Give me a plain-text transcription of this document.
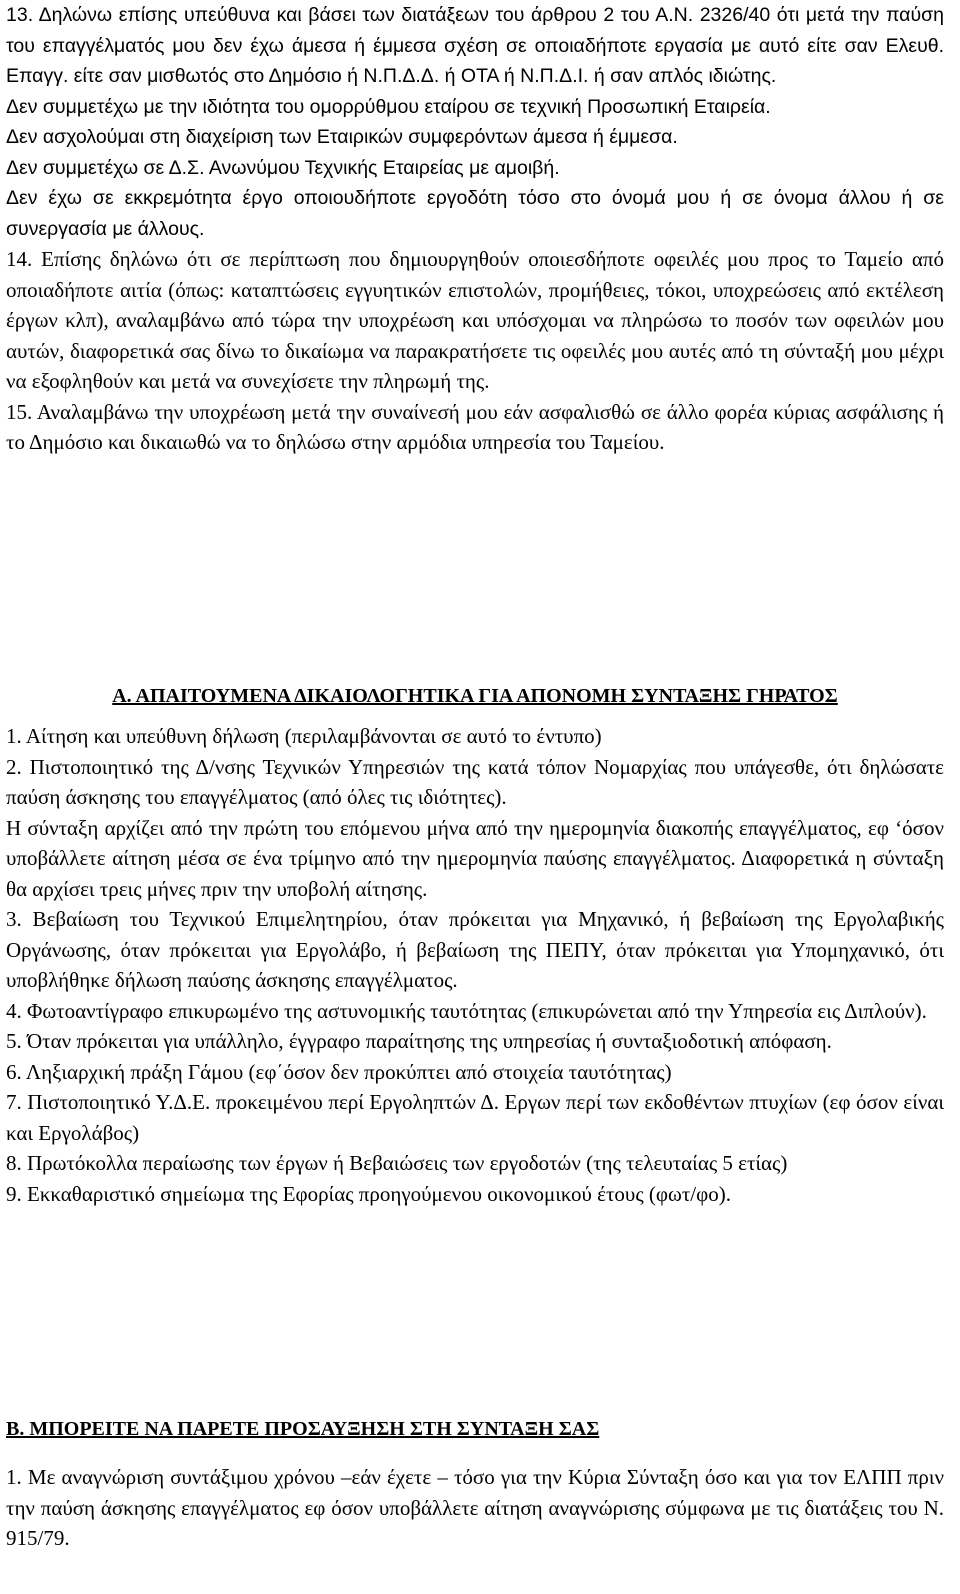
13. Δηλώνω επίσης υπεύθυνα και βάσει των διατάξεων του άρθρου 2 του Α.Ν. 2326/40 ότι μετά την παύση του επαγγέλματός μου δεν έχω άμεσα ή έμμεσα σχέση σε οποιαδήποτε εργασία με αυτό είτε σαν Ελευθ. Επαγγ. είτε σαν μισθωτός στο Δημόσιο ή Ν.Π.Δ.Δ. ή ΟΤΑ ή Ν.Π.Δ.Ι. ή σαν απλός ιδιώτης.

Δεν συμμετέχω με την ιδιότητα του ομορρύθμου εταίρου σε τεχνική Προσωπική Εταιρεία.

Δεν ασχολούμαι στη διαχείριση των Εταιρικών συμφερόντων άμεσα ή έμμεσα.

Δεν συμμετέχω σε Δ.Σ. Ανωνύμου Τεχνικής Εταιρείας με αμοιβή.

Δεν έχω σε εκκρεμότητα έργο οποιουδήποτε εργοδότη τόσο στο όνομά μου ή σε όνομα άλλου ή σε συνεργασία με άλλους.

14. Επίσης δηλώνω ότι σε περίπτωση που δημιουργηθούν οποιεσδήποτε οφειλές μου προς το Ταμείο από οποιαδήποτε αιτία (όπως: καταπτώσεις εγγυητικών επιστολών, προμήθειες, τόκοι, υποχρεώσεις από εκτέλεση έργων κλπ), αναλαμβάνω από τώρα την υποχρέωση και υπόσχομαι να πληρώσω το ποσόν των οφειλών μου αυτών, διαφορετικά σας δίνω το δικαίωμα να παρακρατήσετε τις οφειλές μου αυτές από τη σύνταξή μου μέχρι να εξοφληθούν και μετά να συνεχίσετε την πληρωμή της.

15. Αναλαμβάνω την υποχρέωση μετά την συναίνεσή μου εάν ασφαλισθώ σε άλλο φορέα κύριας ασφάλισης ή το Δημόσιο και δικαιωθώ να το δηλώσω στην αρμόδια υπηρεσία του Ταμείου.

Α. ΑΠΑΙΤΟΥΜΕΝΑ ΔΙΚΑΙΟΛΟΓΗΤΙΚΑ ΓΙΑ ΑΠΟΝΟΜΗ ΣΥΝΤΑΞΗΣ ΓΗΡΑΤΟΣ

1. Αίτηση και υπεύθυνη δήλωση (περιλαμβάνονται σε αυτό το έντυπο)

2. Πιστοποιητικό της Δ/νσης Τεχνικών Υπηρεσιών της κατά τόπον Νομαρχίας που υπάγεσθε, ότι δηλώσατε παύση άσκησης του επαγγέλματος (από όλες τις ιδιότητες).

Η σύνταξη αρχίζει από την πρώτη του επόμενου μήνα από την ημερομηνία διακοπής επαγγέλματος, εφ ‘όσον υποβάλλετε αίτηση μέσα σε ένα τρίμηνο από την ημερομηνία παύσης επαγγέλματος. Διαφορετικά η σύνταξη θα αρχίσει τρεις μήνες πριν την υποβολή αίτησης.

3. Βεβαίωση του Τεχνικού Επιμελητηρίου, όταν πρόκειται για Μηχανικό, ή βεβαίωση της Εργολαβικής Οργάνωσης, όταν πρόκειται για Εργολάβο, ή βεβαίωση της ΠΕΠΥ, όταν πρόκειται για Υπομηχανικό, ότι υποβλήθηκε δήλωση παύσης άσκησης επαγγέλματος.

4. Φωτοαντίγραφο επικυρωμένο της αστυνομικής ταυτότητας (επικυρώνεται από την Υπηρεσία εις Διπλούν).

5. Όταν πρόκειται για υπάλληλο, έγγραφο παραίτησης της υπηρεσίας ή συνταξιοδοτική απόφαση.

6. Ληξιαρχική πράξη Γάμου (εφ΄όσον δεν προκύπτει από στοιχεία ταυτότητας)

7. Πιστοποιητικό Υ.Δ.Ε. προκειμένου περί Εργοληπτών Δ. Εργων περί των εκδοθέντων πτυχίων (εφ όσον είναι και Εργολάβος)

8. Πρωτόκολλα περαίωσης των έργων ή Βεβαιώσεις των εργοδοτών (της τελευταίας 5 ετίας)

9. Εκκαθαριστικό σημείωμα της Εφορίας προηγούμενου οικονομικού έτους (φωτ/φο).

Β. ΜΠΟΡΕΙΤΕ ΝΑ ΠΑΡΕΤΕ ΠΡΟΣΑΥΞΗΣΗ ΣΤΗ ΣΥΝΤΑΞΗ ΣΑΣ

1. Με αναγνώριση συντάξιμου χρόνου –εάν έχετε – τόσο για την Κύρια Σύνταξη όσο και για τον ΕΛΠΠ πριν την παύση άσκησης επαγγέλματος εφ όσον υποβάλλετε αίτηση αναγνώρισης σύμφωνα με τις διατάξεις του Ν. 915/79.
